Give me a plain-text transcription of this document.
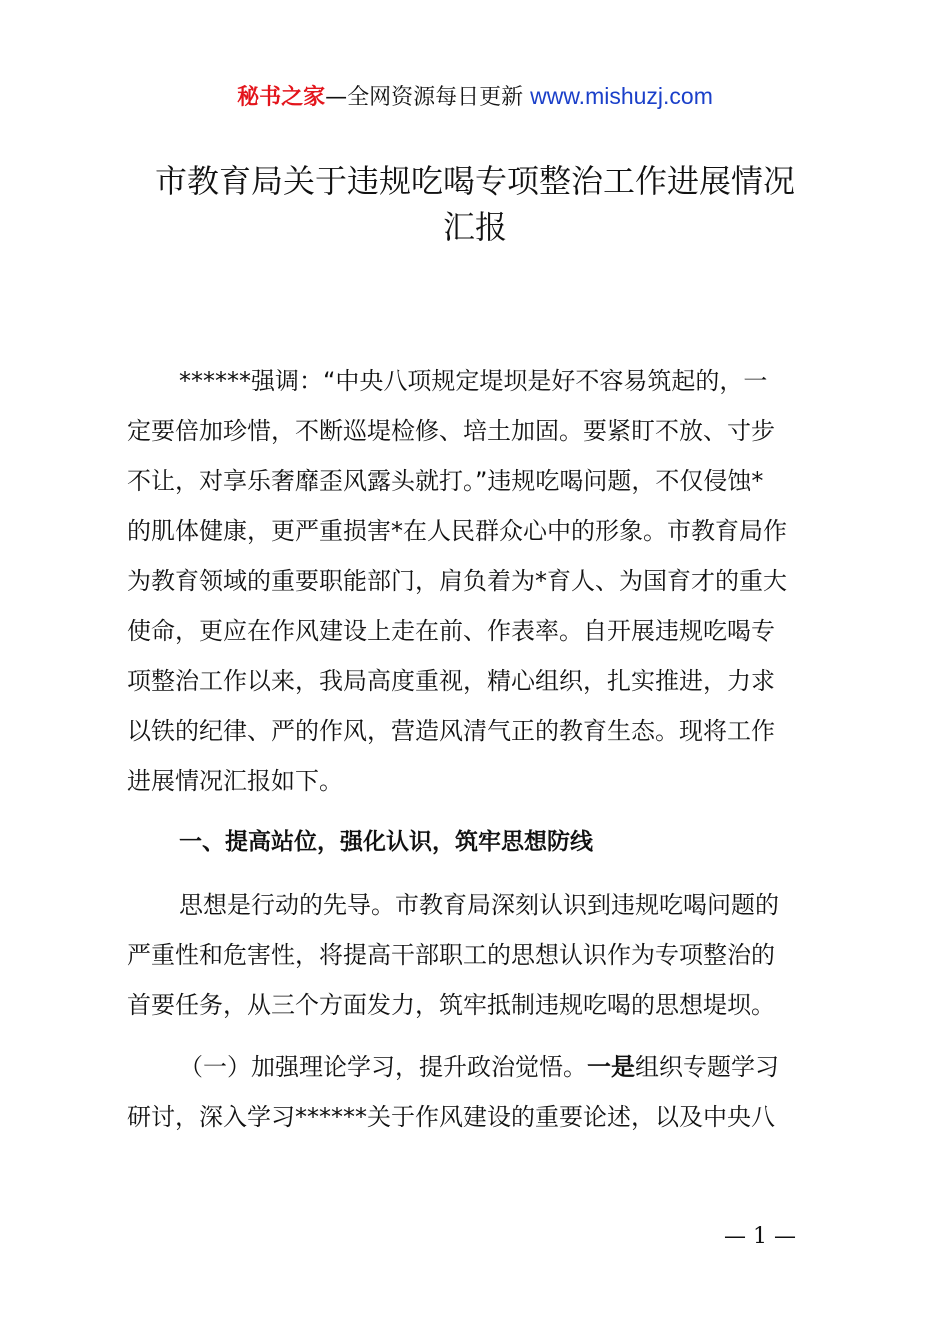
秘书之家—全网资源每日更新 www.mishuzj.com
市教育局关于违规吃喝专项整治工作进展情况
汇报
******强调：“中央八项规定堤坝是好不容易筑起的，一
定要倍加珍惜，不断巡堤检修、培土加固。要紧盯不放、寸步
不让，对享乐奢靡歪风露头就打。”违规吃喝问题，不仅侵蚀*
的肌体健康，更严重损害*在人民群众心中的形象。市教育局作
为教育领域的重要职能部门，肩负着为*育人、为国育才的重大
使命，更应在作风建设上走在前、作表率。自开展违规吃喝专
项整治工作以来，我局高度重视，精心组织，扎实推进，力求
以铁的纪律、严的作风，营造风清气正的教育生态。现将工作
进展情况汇报如下。
一、提高站位，强化认识，筑牢思想防线
思想是行动的先导。市教育局深刻认识到违规吃喝问题的
严重性和危害性，将提高干部职工的思想认识作为专项整治的
首要任务，从三个方面发力，筑牢抵制违规吃喝的思想堤坝。
（一）加强理论学习，提升政治觉悟。一是组织专题学习
研讨，深入学习******关于作风建设的重要论述，以及中央八
— 1 —
